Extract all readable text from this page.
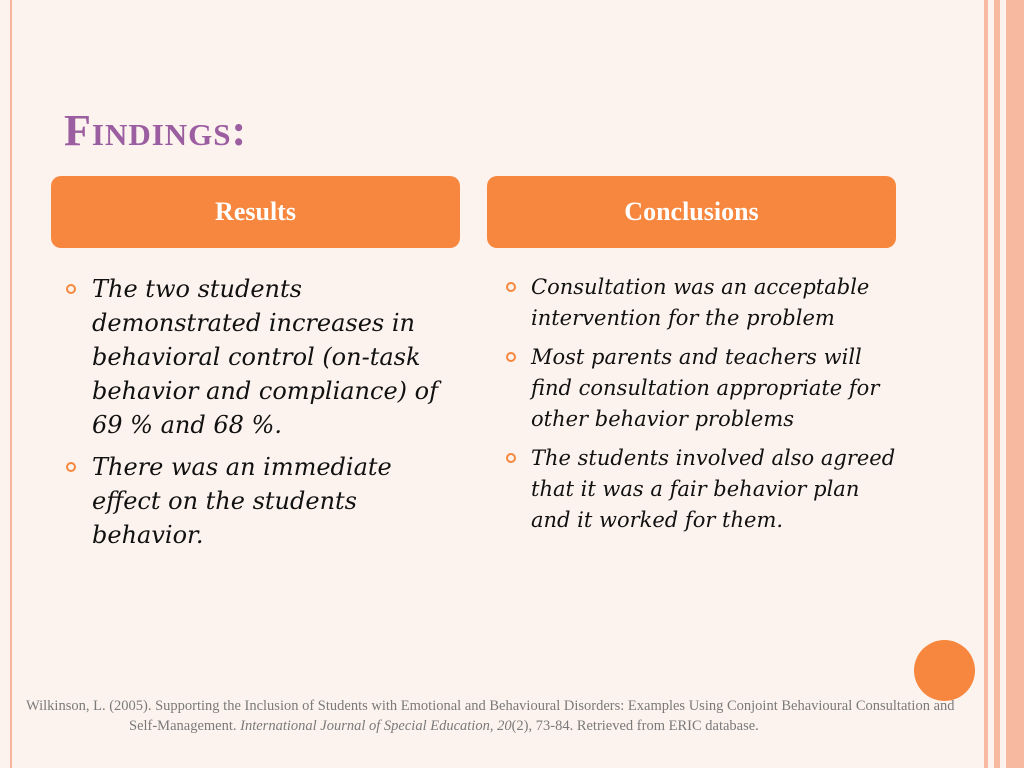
Findings:
Results	Conclusions
The two students demonstrated increases in behavioral control (on-task behavior and compliance) of 69 % and 68 %.
There was an immediate effect on the students behavior.
Consultation was an acceptable intervention for the problem
Most parents and teachers will find consultation appropriate for other behavior problems
The students involved also agreed that it was a fair behavior plan and it worked for them.
Wilkinson, L. (2005). Supporting the Inclusion of Students with Emotional and Behavioural Disorders: Examples Using Conjoint Behavioural Consultation and Self-Management. International Journal of Special Education, 20(2), 73-84. Retrieved from ERIC database.
